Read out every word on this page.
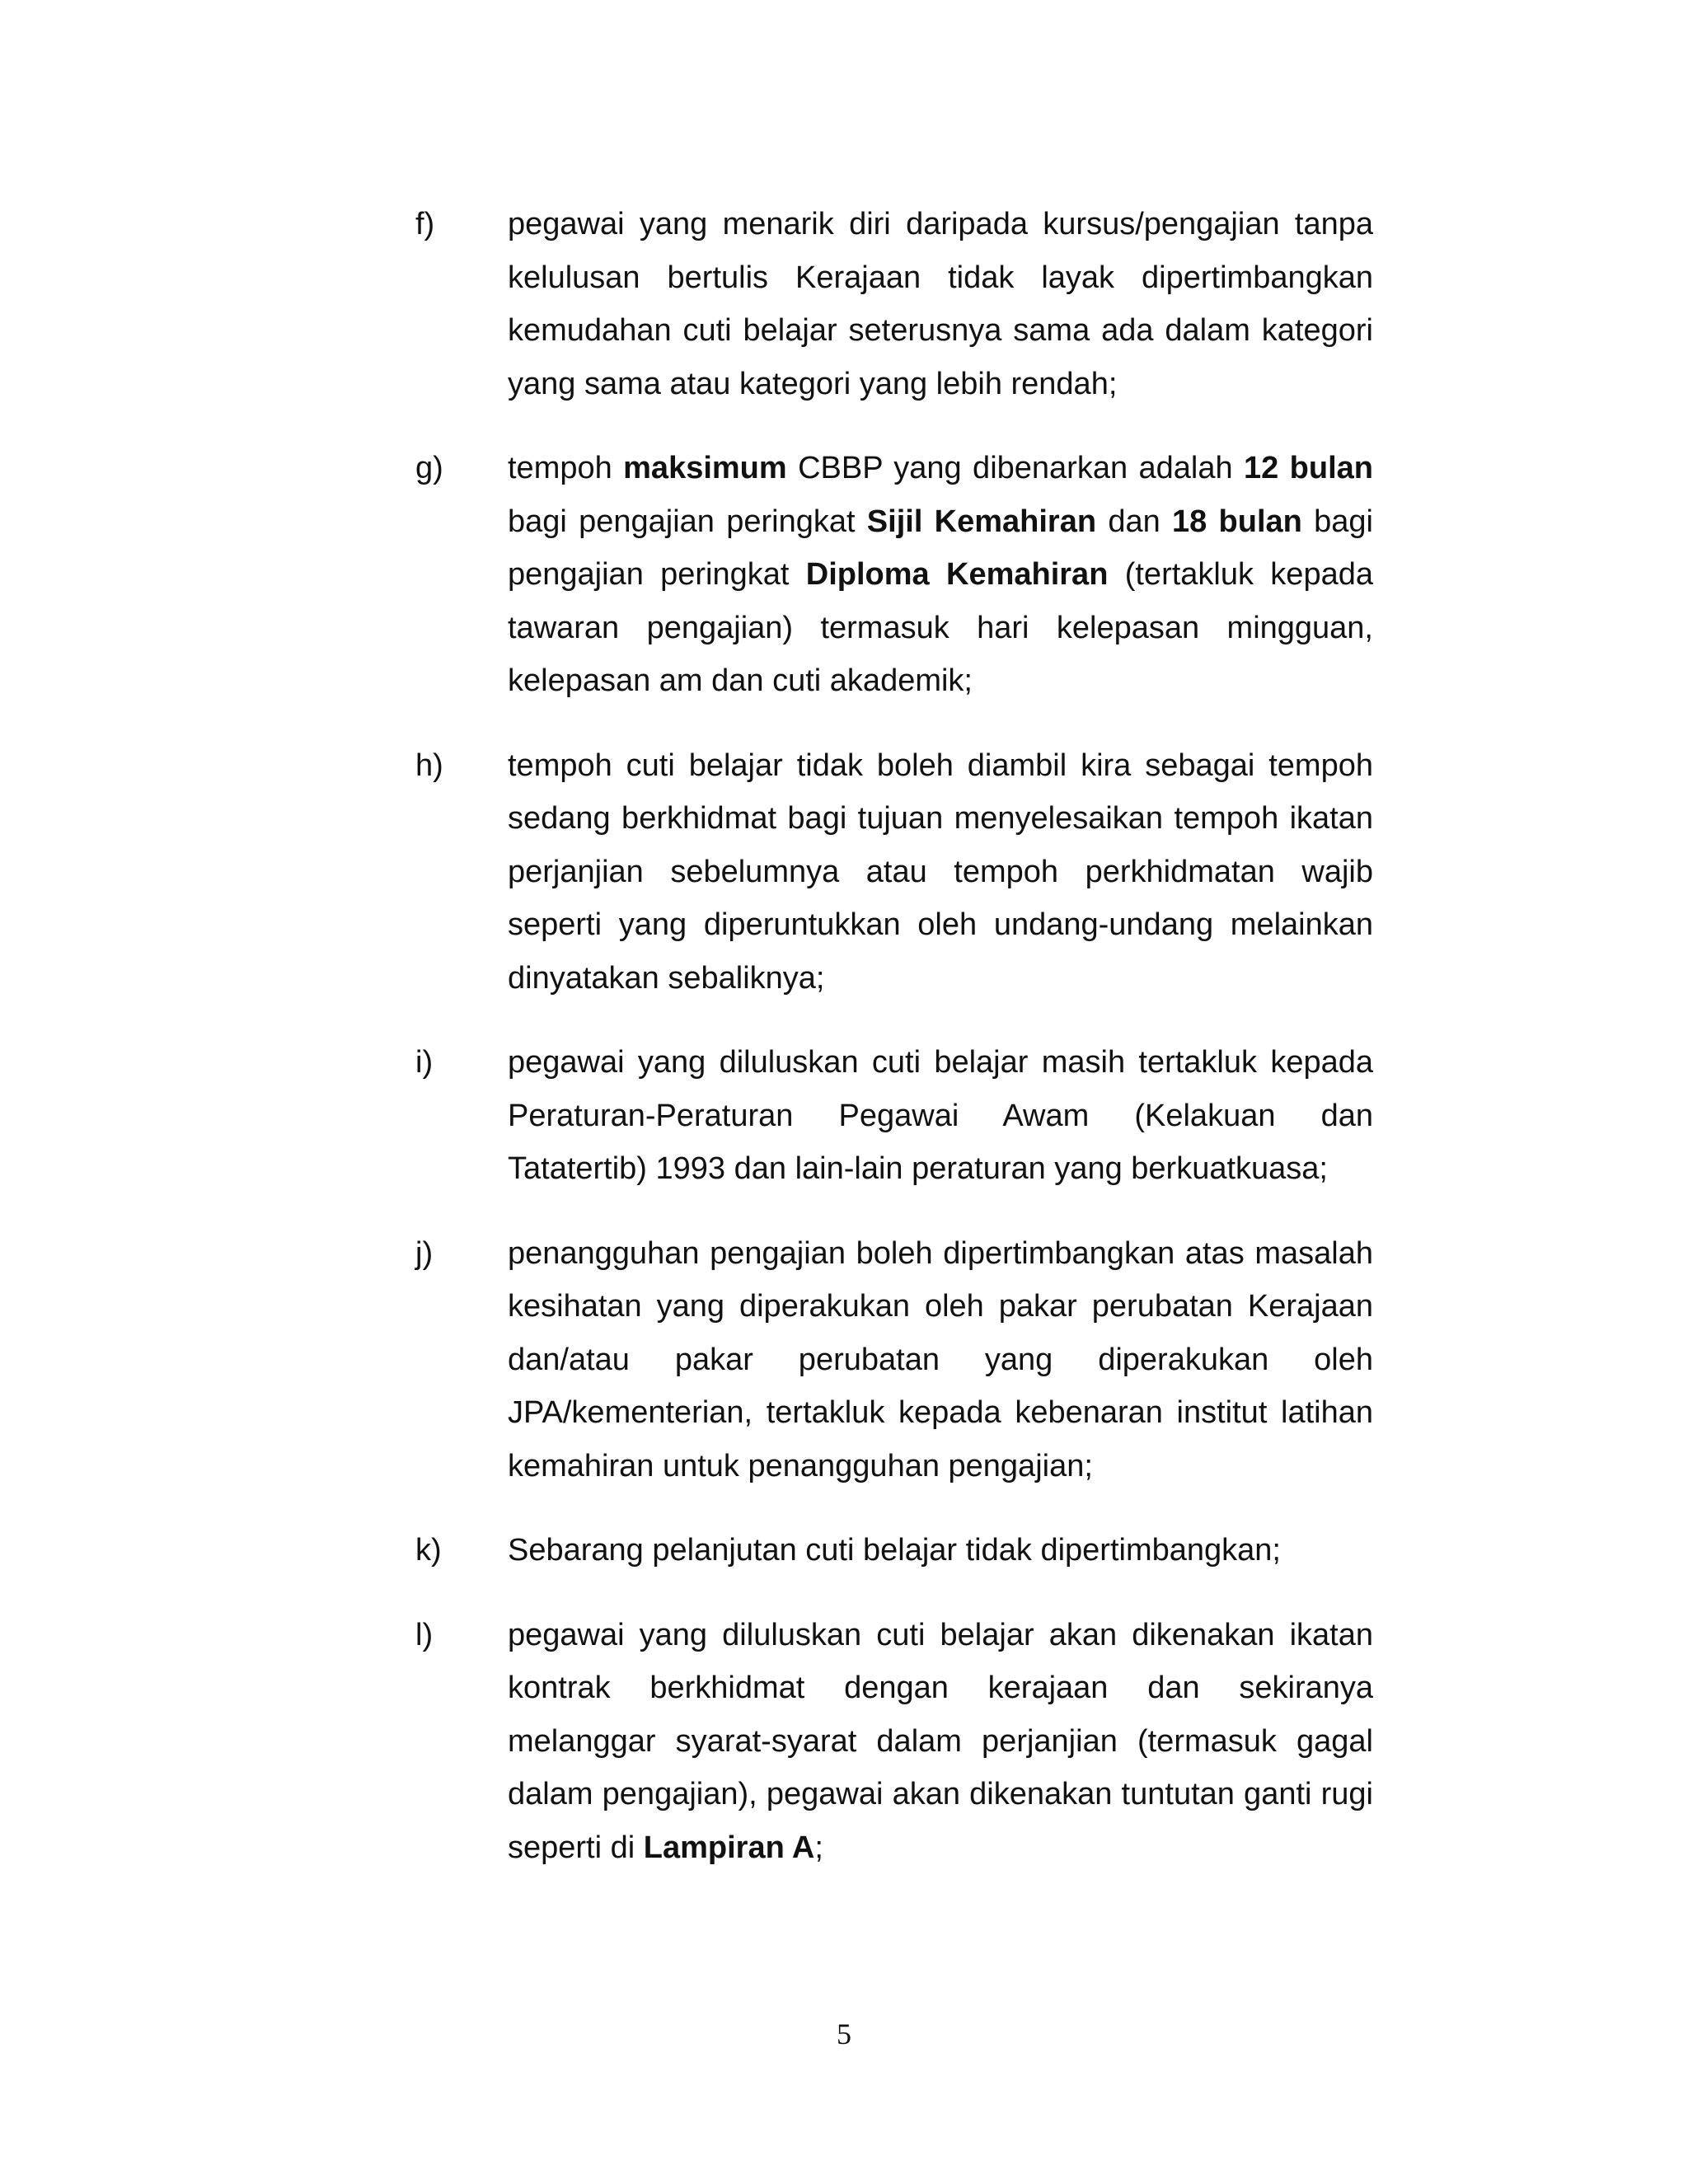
f)	pegawai yang menarik diri daripada kursus/pengajian tanpa kelulusan bertulis Kerajaan tidak layak dipertimbangkan kemudahan cuti belajar seterusnya sama ada dalam kategori yang sama atau kategori yang lebih rendah;
g)	tempoh maksimum CBBP yang dibenarkan adalah 12 bulan bagi pengajian peringkat Sijil Kemahiran dan 18 bulan bagi pengajian peringkat Diploma Kemahiran (tertakluk kepada tawaran pengajian) termasuk hari kelepasan mingguan, kelepasan am dan cuti akademik;
h)	tempoh cuti belajar tidak boleh diambil kira sebagai tempoh sedang berkhidmat bagi tujuan menyelesaikan tempoh ikatan perjanjian sebelumnya atau tempoh perkhidmatan wajib seperti yang diperuntukkan oleh undang-undang melainkan dinyatakan sebaliknya;
i)	pegawai yang diluluskan cuti belajar masih tertakluk kepada Peraturan-Peraturan Pegawai Awam (Kelakuan dan Tatatertib) 1993 dan lain-lain peraturan yang berkuatkuasa;
j)	penangguhan pengajian boleh dipertimbangkan atas masalah kesihatan yang diperakukan oleh pakar perubatan Kerajaan dan/atau pakar perubatan yang diperakukan oleh JPA/kementerian, tertakluk kepada kebenaran institut latihan kemahiran untuk penangguhan pengajian;
k)	Sebarang pelanjutan cuti belajar tidak dipertimbangkan;
l)	pegawai yang diluluskan cuti belajar akan dikenakan ikatan kontrak berkhidmat dengan kerajaan dan sekiranya melanggar syarat-syarat dalam perjanjian (termasuk gagal dalam pengajian), pegawai akan dikenakan tuntutan ganti rugi seperti di Lampiran A;
5
